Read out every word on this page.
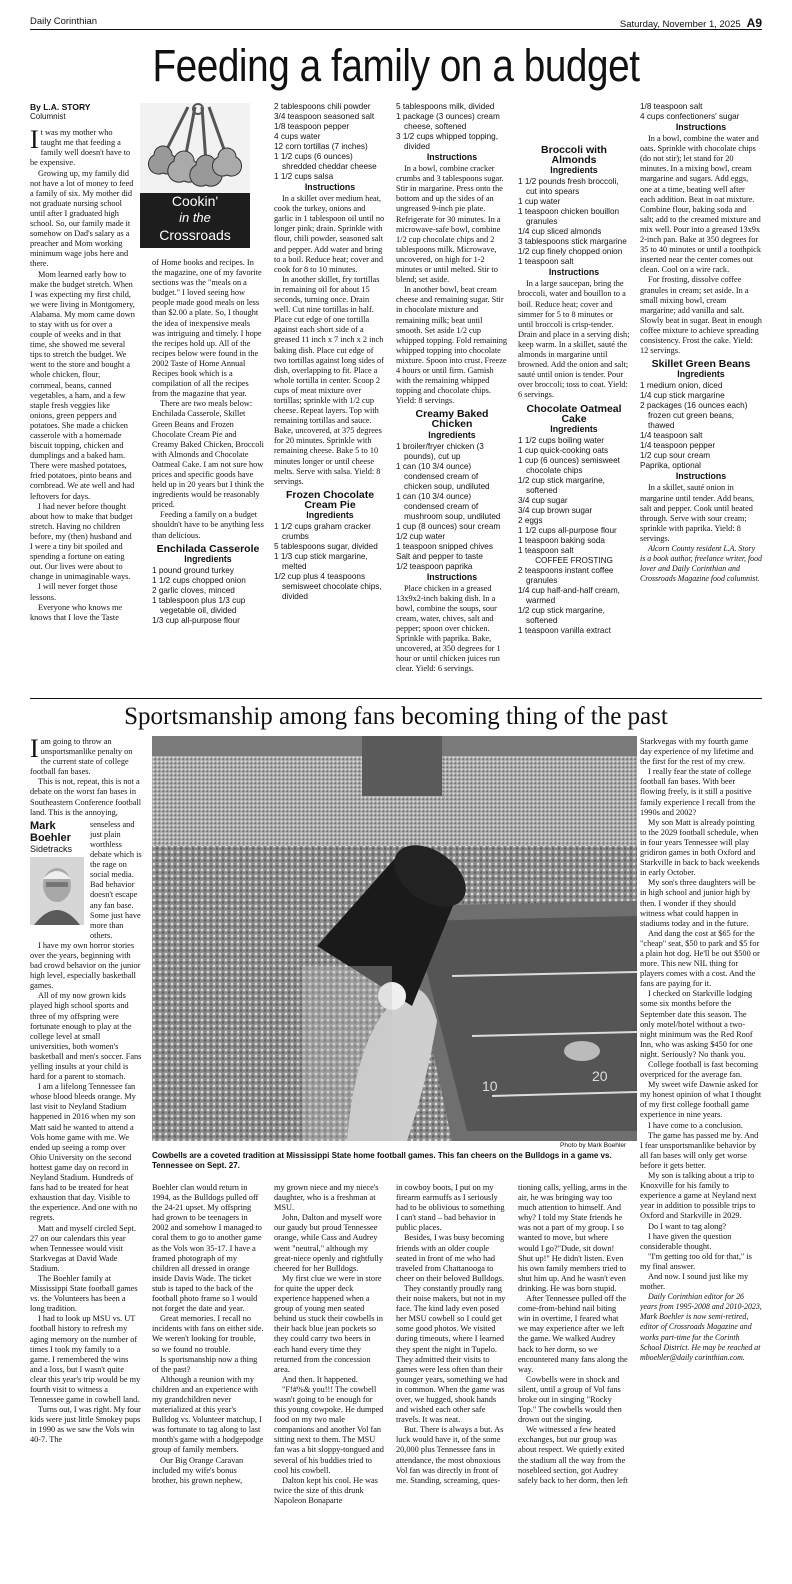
Daily Corinthian	Saturday, November 1, 2025 A9
Feeding a family on a budget
By L.A. STORY
Columnist
It was my mother who taught me that feeding a family well doesn't have to be expensive.

Growing up, my family did not have a lot of money to feed a family of six. My mother did not graduate nursing school until after I graduated high school. So, our family made it somehow on Dad's salary as a preacher and Mom working minimum wage jobs here and there.

Mom learned early how to make the budget stretch. When I was expecting my first child, we were living in Montgomery, Alabama. My mom came down to stay with us for over a couple of weeks and in that time, she showed me several tips to stretch the budget. We went to the store and bought a whole chicken, flour, cornmeal, beans, canned vegetables, a ham, and a few staple fresh veggies like onions, green peppers and potatoes. She made a chicken casserole with a homemade biscuit topping, chicken and dumplings and a baked ham. There were mashed potatoes, fried potatoes, pinto beans and cornbread. We ate well and had leftovers for days.

I had never before thought about how to make that budget stretch. Having no children before, my (then) husband and I were a tiny bit spoiled and spending a fortune on eating out. Our lives were about to change in unimaginable ways.

I will never forget those lessons.

Everyone who knows me knows that I love the Taste

Cookin'
in the
Crossroads

of Home books and recipes. In the magazine, one of my favorite sections was the "meals on a budget." I loved seeing how people made good meals on less than $2.00 a plate. So, I thought the idea of inexpensive meals was intriguing and timely. I hope the recipes hold up. All of the recipes below were found in the 2002 Taste of Home Annual Recipes book which is a compilation of all the recipes from the magazine that year.

There are two meals below: Enchilada Casserole, Skillet Green Beans and Frozen Chocolate Cream Pie and Creamy Baked Chicken, Broccoli with Almonds and Chocolate Oatmeal Cake. I am not sure how prices and specific goods have held up in 20 years but I think the ingredients would be reasonably priced.

Feeding a family on a budget shouldn't have to be anything less than delicious.

Enchilada Casserole
Ingredients
1 pound ground turkey
1 1/2 cups chopped onion
2 garlic cloves, minced
1 tablespoon plus 1/3 cup vegetable oil, divided
1/3 cup all-purpose flour
2 tablespoons chili powder
3/4 teaspoon seasoned salt
1/8 teaspoon pepper
4 cups water
12 corn tortillas (7 inches)
1 1/2 cups (6 ounces) shredded cheddar cheese
1 1/2 cups salsa
Instructions

In a skillet over medium heat, cook the turkey, onions and garlic in 1 tablespoon oil until no longer pink; drain. Sprinkle with flour, chili powder, seasoned salt and pepper. Add water and bring to a boil. Reduce heat; cover and cook for 8 to 10 minutes.

In another skillet, fry tortillas in remaining oil for about 15 seconds, turning once. Drain well. Cut nine tortillas in half. Place cut edge of one tortilla against each short side of a greased 11 inch x 7 inch x 2 inch baking dish. Place cut edge of two tortillas against long sides of dish, overlapping to fit. Place a whole tortilla in center. Scoop 2 cups of meat mixture over tortillas; sprinkle with 1/2 cup cheese. Repeat layers. Top with remaining tortillas and sauce. Bake, uncovered, at 375 degrees for 20 minutes. Sprinkle with remaining cheese. Bake 5 to 10 minutes longer or until cheese melts. Serve with salsa. Yield: 8 servings.

Frozen Chocolate Cream Pie
Ingredients
1 1/2 cups graham cracker crumbs
5 tablespoons sugar, divided
1 1/3 cup stick margarine, melted
1/2 cup plus 4 teaspoons semisweet chocolate chips, divided
5 tablespoons milk, divided
1 package (3 ounces) cream cheese, softened
3 1/2 cups whipped topping, divided
Instructions

In a bowl, combine cracker crumbs and 3 tablespoons sugar. Stir in margarine. Press onto the bottom and up the sides of an ungreased 9-inch pie plate. Refrigerate for 30 minutes. In a microwave-safe bowl, combine 1/2 cup chocolate chips and 2 tablespoons milk. Microwave, uncovered, on high for 1-2 minutes or until melted. Stir to blend; set aside.

In another bowl, beat cream cheese and remaining sugar. Stir in chocolate mixture and remaining milk; beat until smooth. Set aside 1/2 cup whipped topping. Fold remaining whipped topping into chocolate mixture. Spoon into crust. Freeze 4 hours or until firm. Garnish with the remaining whipped topping and chocolate chips. Yield: 8 servings.

Creamy Baked Chicken
Ingredients
1 broiler/fryer chicken (3 pounds), cut up
1 can (10 3/4 ounce) condensed cream of chicken soup, undiluted
1 can (10 3/4 ounce) condensed cream of mushroom soup, undiluted
1 cup (8 ounces) sour cream
1/2 cup water
1 teaspoon snipped chives
Salt and pepper to taste
1/2 teaspoon paprika
Instructions

Place chicken in a greased 13x9x2-inch baking dish. In a bowl, combine the soups, sour cream, water, chives, salt and pepper; spoon over chicken. Sprinkle with paprika. Bake, uncovered, at 350 degrees for 1 hour or until chicken juices run clear. Yield: 6 servings.

Broccoli with Almonds
Ingredients
1 1/2 pounds fresh broccoli, cut into spears
1 cup water
1 teaspoon chicken bouillon granules
1/4 cup sliced almonds
3 tablespoons stick margarine
1/2 cup finely chopped onion
1 teaspoon salt
Instructions

In a large saucepan, bring the broccoli, water and bouillon to a boil. Reduce heat; cover and simmer for 5 to 8 minutes or until broccoli is crisp-tender. Drain and place in a serving dish; keep warm. In a skillet, sauté the almonds in margarine until browned. Add the onion and salt; sauté until onion is tender. Pour over broccoli; toss to coat. Yield: 6 servings.

Chocolate Oatmeal Cake
Ingredients
1 1/2 cups boiling water
1 cup quick-cooking oats
1 cup (6 ounces) semisweet chocolate chips
1/2 cup stick margarine, softened
3/4 cup sugar
3/4 cup brown sugar
2 eggs
1 1/2 cups all-purpose flour
1 teaspoon baking soda
1 teaspoon salt
COFFEE FROSTING
2 teaspoons instant coffee granules
1/4 cup half-and-half cream, warmed
1/2 cup stick margarine, softened
1 teaspoon vanilla extract
1/8 teaspoon salt
4 cups confectioners' sugar
Instructions

In a bowl, combine the water and oats. Sprinkle with chocolate chips (do not stir); let stand for 20 minutes. In a mixing bowl, cream margarine and sugars. Add eggs, one at a time, beating well after each addition. Beat in oat mixture. Combine flour, baking soda and salt; add to the creamed mixture and mix well. Pour into a greased 13x9x 2-inch pan. Bake at 350 degrees for 35 to 40 minutes or until a toothpick inserted near the center comes out clean. Cool on a wire rack.

For frosting, dissolve coffee granules in cream; set aside. In a small mixing bowl, cream margarine; add vanilla and salt. Slowly beat in sugar. Beat in enough coffee mixture to achieve spreading consistency. Frost the cake. Yield: 12 servings.

Skillet Green Beans
Ingredients
1 medium onion, diced
1/4 cup stick margarine
2 packages (16 ounces each) frozen cut green beans, thawed
1/4 teaspoon salt
1/4 teaspoon pepper
1/2 cup sour cream
Paprika, optional
Instructions

In a skillet, sauté onion in margarine until tender. Add beans, salt and pepper. Cook until heated through. Serve with sour cream; sprinkle with paprika. Yield: 8 servings.

Alcorn County resident L.A. Story is a book author, freelance writer, food lover and Daily Corinthian and Crossroads Magazine food columnist.

Sportsmanship among fans becoming thing of the past
Iam going to throw an unsportsmanlike penalty on the current state of college football fan bases.

This is not, repeat, this is not a debate on the worst fan bases in Southeastern Conference football land. This is the annoying,

Mark
Boehler
Sidetracks
senseless and just plain worthless debate which is the rage on social media. Bad behavior doesn't escape any fan base. Some just have more than others.

I have my own horror stories over the years, beginning with bad crowd behavior on the junior high level, especially basketball games.

All of my now grown kids played high school sports and three of my offspring were fortunate enough to play at the college level at small universities, both women's basketball and men's soccer. Fans yelling insults at your child is hard for a parent to stomach.

I am a lifelong Tennessee fan whose blood bleeds orange. My last visit to Neyland Stadium happened in 2016 when my son Matt said he wanted to attend a Vols home game with me. We ended up seeing a romp over Ohio University on the second hottest game day on record in Neyland Stadium. Hundreds of fans had to be treated for heat exhaustion that day. Visible to the experience. And one with no regrets.

Matt and myself circled Sept. 27 on our calendars this year when Tennessee would visit Starkvegas at David Wade Stadium.

The Boehler family at Mississippi State football games vs. the Volunteers has been a long tradition.

I had to look up MSU vs. UT football history to refresh my aging memory on the number of times I took my family to a game. I remembered the wins and a loss, but I wasn't quite clear this year's trip would be my fourth visit to witness a Tennessee game in cowbell land.

Turns out, I was right. My four kids were just little Smokey pups in 1990 as we saw the Vols win 40-7. The

10
20
Photo by Mark Boehler
Cowbells are a coveted tradition at Mississippi State home football games. This fan cheers on the Bulldogs in a game vs. Tennessee on Sept. 27.

Boehler clan would return in 1994, as the Bulldogs pulled off the 24-21 upset. My offspring had grown to be teenagers in 2002 and somehow I managed to coral them to go to another game as the Vols won 35-17. I have a framed photograph of my children all dressed in orange inside Davis Wade. The ticket stub is taped to the back of the football photo frame so I would not forget the date and year.

Great memories. I recall no incidents with fans on either side. We weren't looking for trouble, so we found no trouble.

Is sportsmanship now a thing of the past?

Although a reunion with my children and an experience with my grandchildren never materialized at this year's Bulldog vs. Volunteer matchup, I was fortunate to tag along to last month's game with a hodgepodge group of family members.

Our Big Orange Caravan included my wife's bonus brother, his grown nephew,

my grown niece and my niece's daughter, who is a freshman at MSU.

John, Dalton and myself wore our gaudy but proud Tennessee orange, while Cass and Audrey went "neutral," although my great-niece openly and rightfully cheered for her Bulldogs.

My first clue we were in store for quite the upper deck experience happened when a group of young men seated behind us stuck their cowbells in their back blue jean pockets so they could carry two beers in each hand every time they returned from the concession area.

And then. It happened.

"F!#%& you!!! The cowbell wasn't going to be enough for this young cowpoke. He dumped food on my two male companions and another Vol fan sitting next to them. The MSU fan was a bit sloppy-tongued and several of his buddies tried to cool his cowbell.

Dalton kept his cool. He was twice the size of this drunk Napoleon Bonaparte

in cowboy boots, I put on my firearm earmuffs as I seriously had to be oblivious to something I can't stand – bad behavior in public places.

Besides, I was busy becoming friends with an older couple seated in front of me who had traveled from Chattanooga to cheer on their beloved Bulldogs.

They constantly proudly rang their noise makers, but not in my face. The kind lady even posed her MSU cowbell so I could get some good photos. We visited during timeouts, where I learned they spent the night in Tupelo. They admitted their visits to games were less often than their younger years, something we had in common. When the game was over, we hugged, shook hands and wished each other safe travels. It was neat.

But. There is always a but. As luck would have it, of the some 20,000 plus Tennessee fans in attendance, the most obnoxious Vol fan was directly in front of me. Standing, screaming, ques-

tioning calls, yelling, arms in the air, he was bringing way too much attention to himself. And why? I told my State friends he was not a part of my group. I so wanted to move, but where would I go?"Dude, sit down! Shut up!" He didn't listen. Even his own family members tried to shut him up. And he wasn't even drinking. He was born stupid.

After Tennessee pulled off the come-from-behind nail biting win in overtime, I feared what we may experience after we left the game. We walked Audrey back to her dorm, so we encountered many fans along the way.

Cowbells were in shock and silent, until a group of Vol fans broke out in singing "Rocky Top." The cowbells would then drown out the singing.

We witnessed a few heated exchanges, but our group was about respect. We quietly exited the stadium all the way from the nosebleed section, got Audrey safely back to her dorm, then left

Starkvegas with my fourth game day experience of my lifetime and the first for the rest of my crew.

I really fear the state of college football fan bases. With beer flowing freely, is it still a positive family experience I recall from the 1990s and 2002?

My son Matt is already pointing to the 2029 football schedule, when in four years Tennessee will play gridiron games in both Oxford and Starkville in back to back weekends in early October.

My son's three daughters will be in high school and junior high by then. I wonder if they should witness what could happen in stadiums today and in the future.

And dang the cost at $65 for the "cheap" seat, $50 to park and $5 for a plain hot dog. He'll be out $500 or more. This new NIL thing for players comes with a cost. And the fans are paying for it.

I checked on Starkville lodging some six months before the September date this season. The only motel/hotel without a two-night minimum was the Red Roof Inn, who was asking $450 for one night. Seriously? No thank you.

College football is fast becoming overpriced for the average fan.

My sweet wife Dawnie asked for my honest opinion of what I thought of my first college football game experience in nine years.

I have come to a conclusion.

The game has passed me by. And I fear unsportsmanlike behavior by all fan bases will only get worse before it gets better.

My son is talking about a trip to Knoxville for his family to experience a game at Neyland next year in addition to possible trips to Oxford and Starkville in 2029.

Do I want to tag along?

I have given the question considerable thought.

"I'm getting too old for that," is my final answer.

And now. I sound just like my mother.

Daily Corinthian editor for 26 years from 1995-2008 and 2010-2023, Mark Boehler is now semi-retired, editor of Crossroads Magazine and works part-time for the Corinth School District. He may be reached at mboehler@daily corinthian.com.
